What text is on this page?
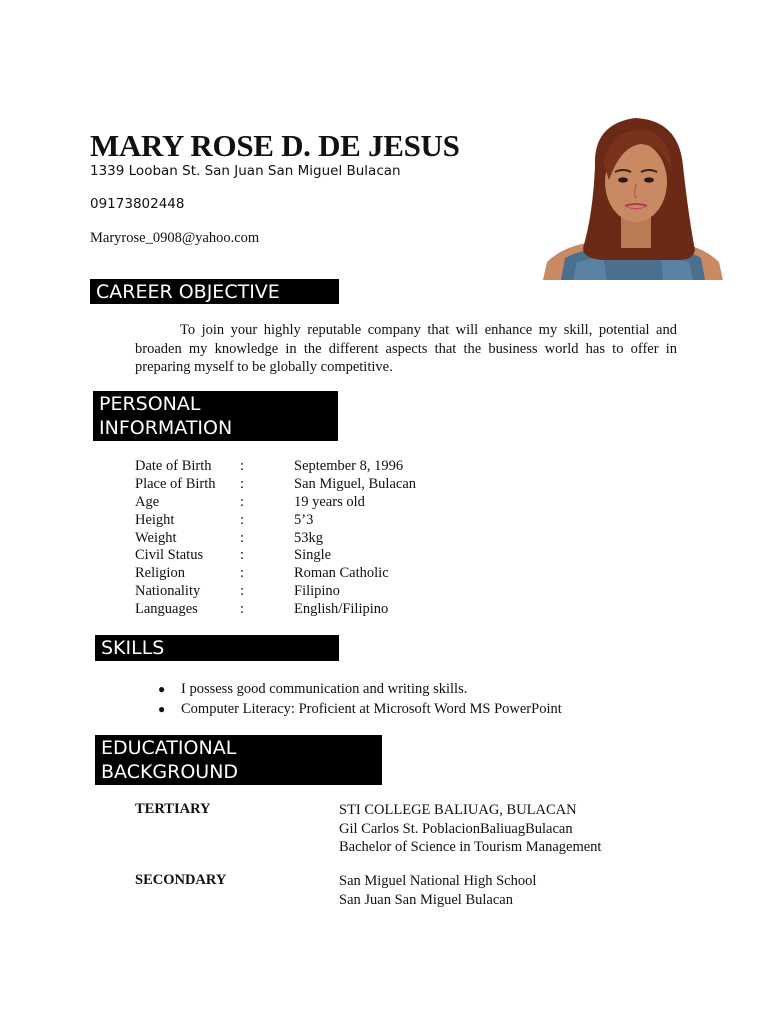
MARY ROSE D. DE JESUS
1339 Looban St. San Juan San Miguel Bulacan
09173802448
Maryrose_0908@yahoo.com
CAREER OBJECTIVE

To join your highly reputable company that will enhance my skill, potential and broaden my knowledge in the different aspects that the business world has to offer in preparing myself to be globally competitive.

PERSONAL
INFORMATION
Date of Birth :	September 8, 1996
Place of Birth :	San Miguel, Bulacan
Age	:	19 years old
Height	:	5’3
Weight	:	53kg
Civil Status	:	Single
Religion	:	Roman Catholic
Nationality	:	Filipino
Languages	:	English/Filipino
SKILLS
● I possess good communication and writing skills.
● Computer Literacy: Proficient at Microsoft Word MS PowerPoint
EDUCATIONAL
BACKGROUND
TERTIARY	STI COLLEGE BALIUAG, BULACAN
Gil Carlos St. PoblacionBaliuagBulacan
Bachelor of Science in Tourism Management
SECONDARY	San Miguel National High School
San Juan San Miguel Bulacan
